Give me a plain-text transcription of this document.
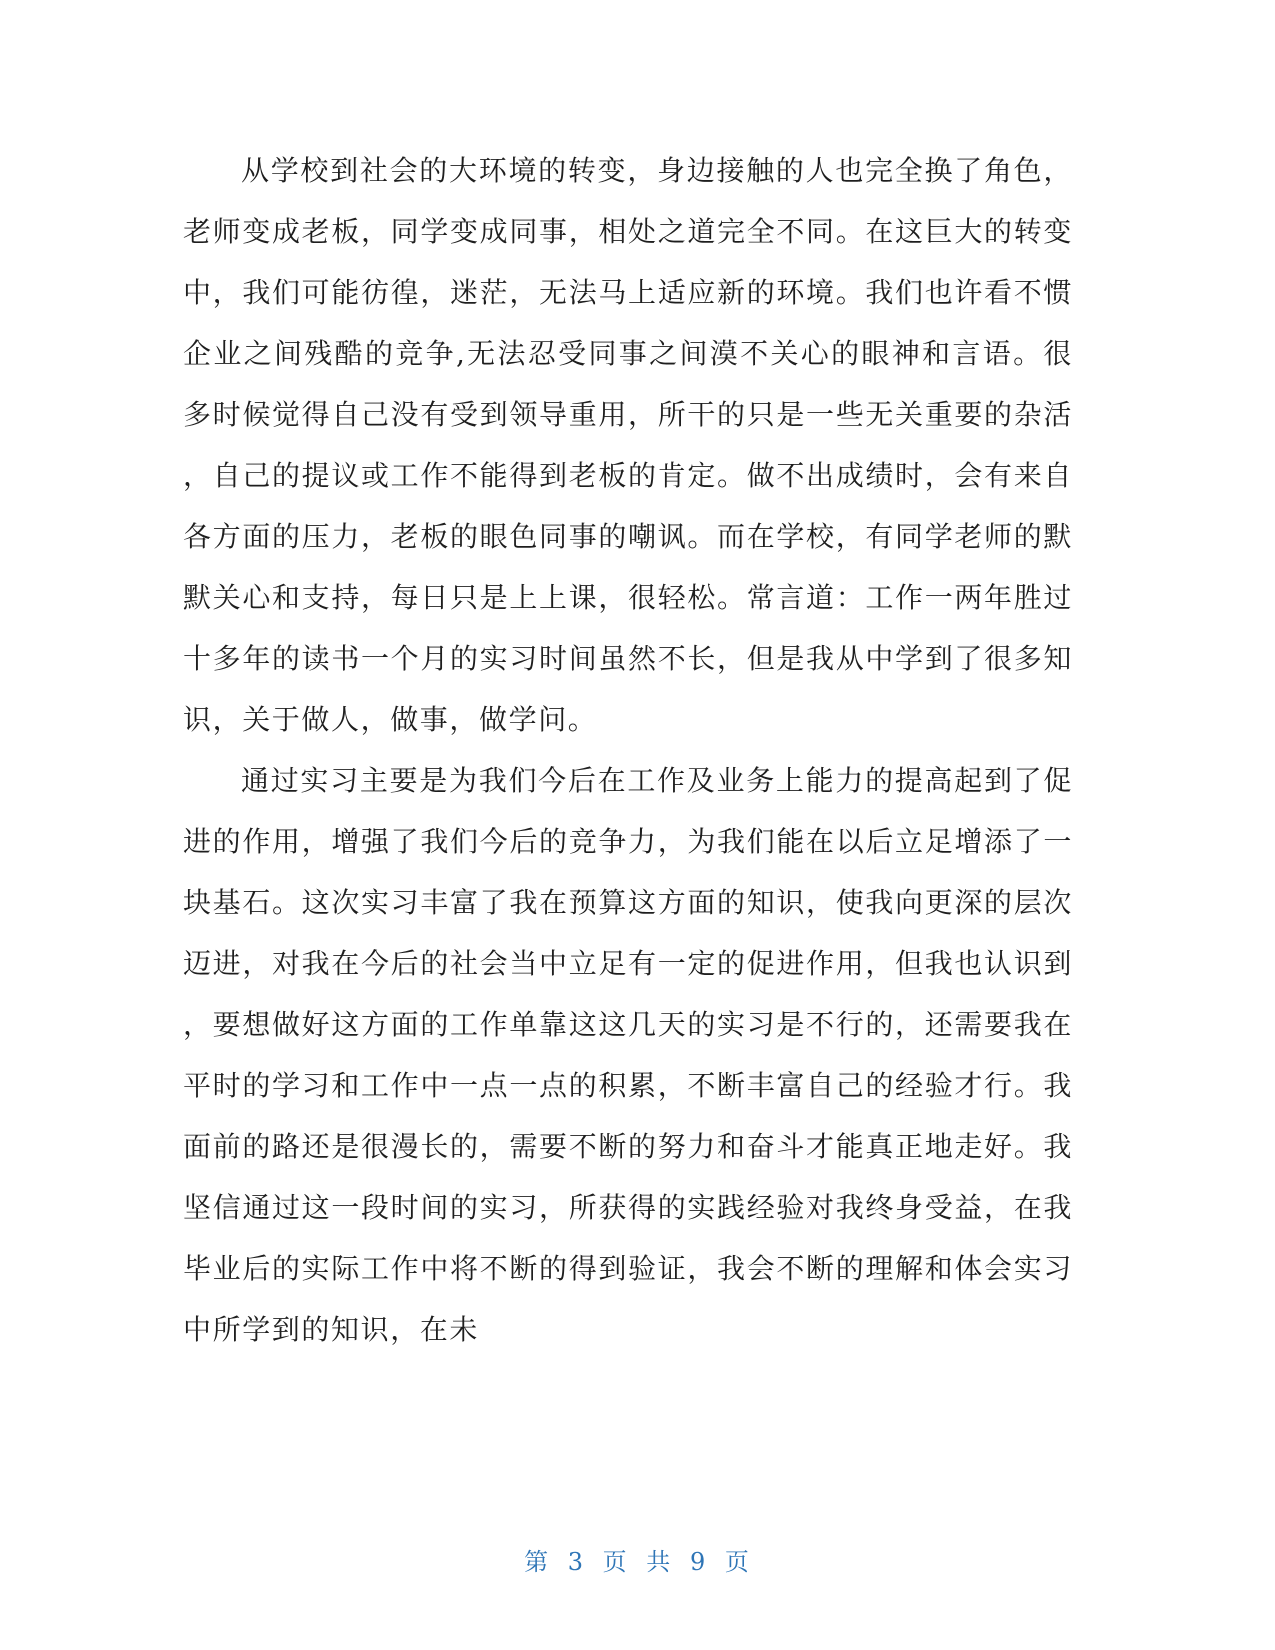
从学校到社会的大环境的转变，身边接触的人也完全换了角色，老师变成老板，同学变成同事，相处之道完全不同。在这巨大的转变中，我们可能彷徨，迷茫，无法马上适应新的环境。我们也许看不惯企业之间残酷的竞争,无法忍受同事之间漠不关心的眼神和言语。很多时候觉得自己没有受到领导重用，所干的只是一些无关重要的杂活，自己的提议或工作不能得到老板的肯定。做不出成绩时，会有来自各方面的压力，老板的眼色同事的嘲讽。而在学校，有同学老师的默默关心和支持，每日只是上上课，很轻松。常言道：工作一两年胜过十多年的读书一个月的实习时间虽然不长，但是我从中学到了很多知识，关于做人，做事，做学问。

通过实习主要是为我们今后在工作及业务上能力的提高起到了促进的作用，增强了我们今后的竞争力，为我们能在以后立足增添了一块基石。这次实习丰富了我在预算这方面的知识，使我向更深的层次迈进，对我在今后的社会当中立足有一定的促进作用，但我也认识到，要想做好这方面的工作单靠这这几天的实习是不行的，还需要我在平时的学习和工作中一点一点的积累，不断丰富自己的经验才行。我面前的路还是很漫长的，需要不断的努力和奋斗才能真正地走好。我坚信通过这一段时间的实习，所获得的实践经验对我终身受益，在我毕业后的实际工作中将不断的得到验证，我会不断的理解和体会实习中所学到的知识，在未

第 3 页 共 9 页
